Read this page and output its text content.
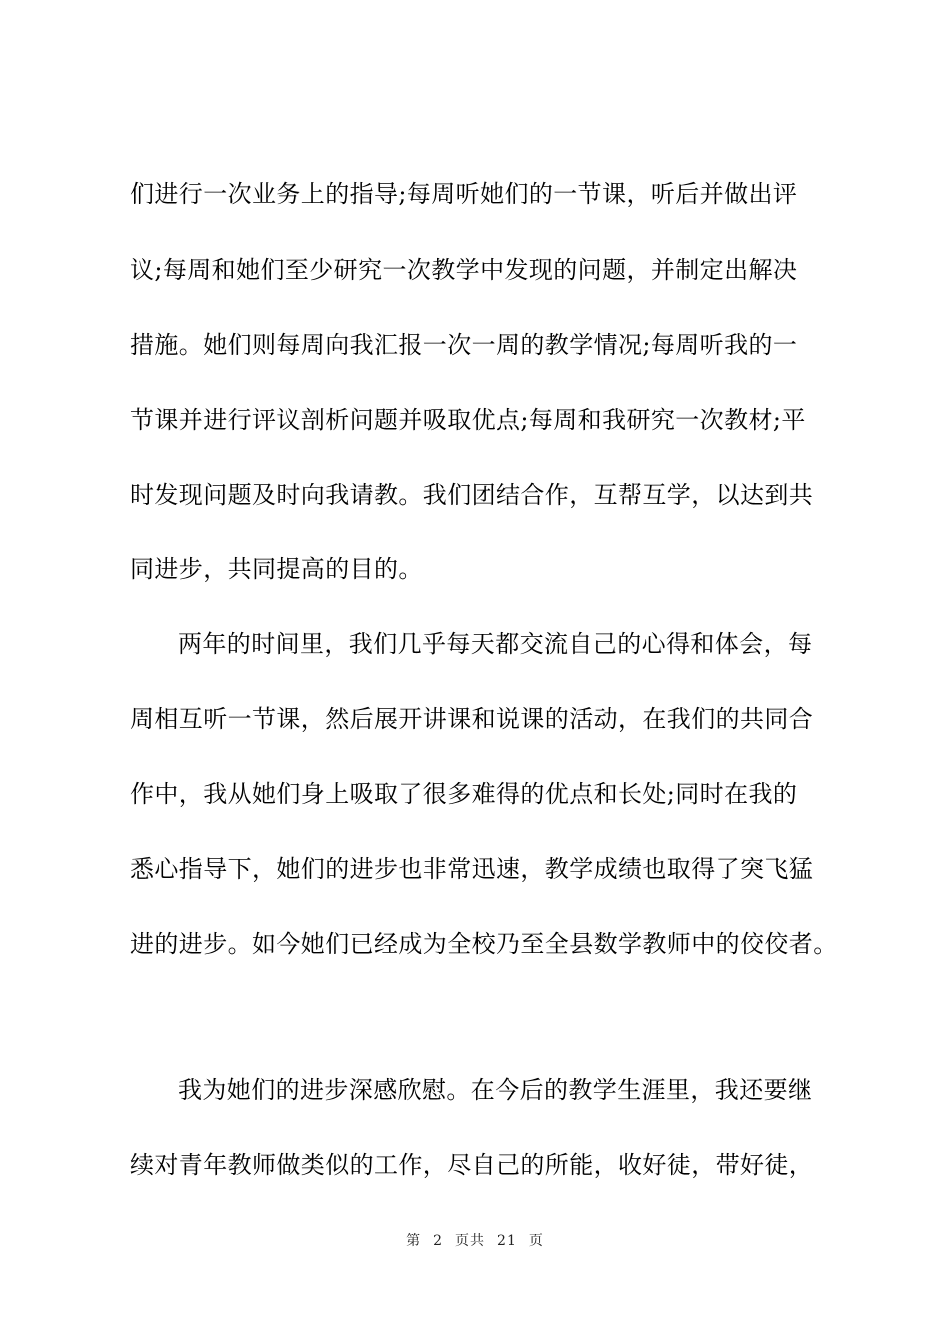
们进行一次业务上的指导;每周听她们的一节课，听后并做出评
议;每周和她们至少研究一次教学中发现的问题，并制定出解决
措施。她们则每周向我汇报一次一周的教学情况;每周听我的一
节课并进行评议剖析问题并吸取优点;每周和我研究一次教材;平
时发现问题及时向我请教。我们团结合作，互帮互学，以达到共
同进步，共同提高的目的。
两年的时间里，我们几乎每天都交流自己的心得和体会，每
周相互听一节课，然后展开讲课和说课的活动，在我们的共同合
作中，我从她们身上吸取了很多难得的优点和长处;同时在我的
悉心指导下，她们的进步也非常迅速，教学成绩也取得了突飞猛
进的进步。如今她们已经成为全校乃至全县数学教师中的佼佼者。
我为她们的进步深感欣慰。在今后的教学生涯里，我还要继
续对青年教师做类似的工作，尽自己的所能，收好徒，带好徒，
第 2 页共 21 页
